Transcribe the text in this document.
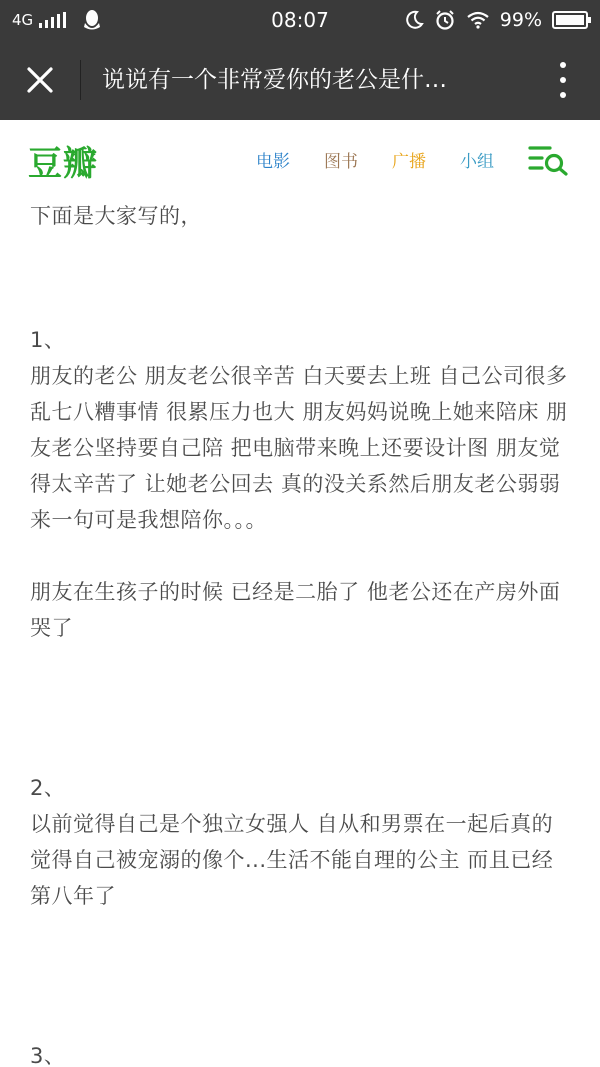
4G	08:07	99%
说说有一个非常爱你的老公是什…
豆瓣	电影 图书 广播 小组

下面是大家写的，

1、

朋友的老公 朋友老公很辛苦 白天要去上班 自己公司很多乱七八糟事情 很累压力也大 朋友妈妈说晚上她来陪床 朋友老公坚持要自己陪 把电脑带来晚上还要设计图 朋友觉得太辛苦了 让她老公回去 真的没关系然后朋友老公弱弱来一句可是我想陪你。。。

朋友在生孩子的时候 已经是二胎了 他老公还在产房外面哭了

2、

以前觉得自己是个独立女强人 自从和男票在一起后真的觉得自己被宠溺的像个...生活不能自理的公主 而且已经第八年了

3、
